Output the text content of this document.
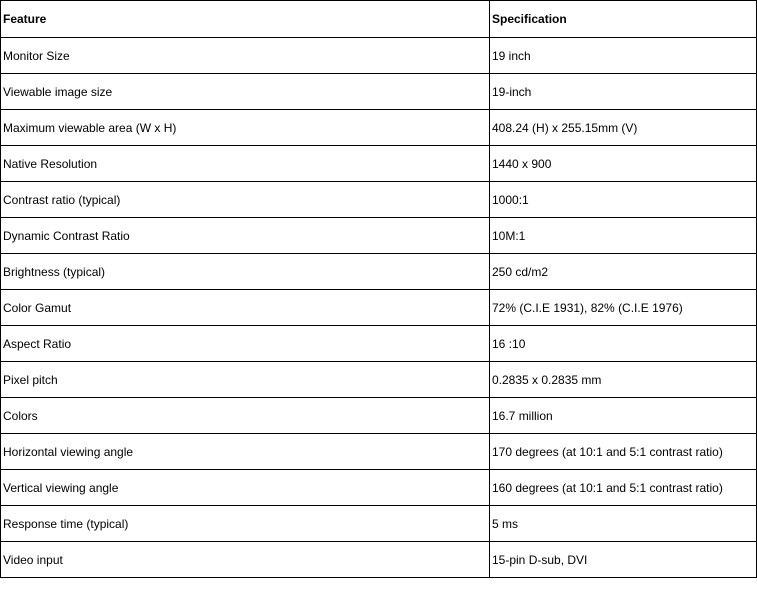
Feature	Specification
Monitor Size	19 inch
Viewable image size	19-inch
Maximum viewable area (W x H)	408.24 (H) x 255.15mm (V)
Native Resolution	1440 x 900
Contrast ratio (typical)	1000:1
Dynamic Contrast Ratio	10M:1
Brightness (typical)	250 cd/m2
Color Gamut	72% (C.I.E 1931), 82% (C.I.E 1976)
Aspect Ratio	16 :10
Pixel pitch	0.2835 x 0.2835 mm
Colors	16.7 million
Horizontal viewing angle	170 degrees (at 10:1 and 5:1 contrast ratio)
Vertical viewing angle	160 degrees (at 10:1 and 5:1 contrast ratio)
Response time (typical)	5 ms
Video input	15-pin D-sub, DVI
